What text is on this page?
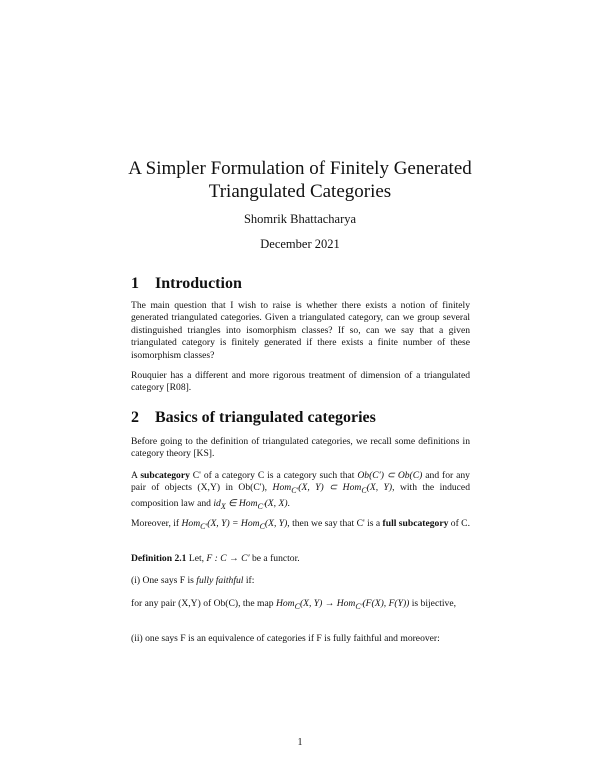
A Simpler Formulation of Finitely Generated
Triangulated Categories
Shomrik Bhattacharya
December 2021
1 Introduction
The main question that I wish to raise is whether there exists a notion of finitely generated triangulated categories. Given a triangulated category, can we group several distinguished triangles into isomorphism classes? If so, can we say that a given triangulated category is finitely generated if there exists a finite number of these isomorphism classes?
Rouquier has a different and more rigorous treatment of dimension of a triangulated category [R08].
2 Basics of triangulated categories
Before going to the definition of triangulated categories, we recall some definitions in category theory [KS].
A subcategory C' of a category C is a category such that Ob(C′) ⊂ Ob(C) and for any pair of objects (X,Y) in Ob(C'), Hom$_{C'}$(X, Y) ⊂ Hom$_C$(X, Y), with the induced composition law and $id_X$ ∈ Hom$_{C'}$(X, X).
Moreover, if Hom$_{C'}$(X, Y) = Hom$_C$(X, Y), then we say that C' is a full subcategory of C.
Definition 2.1 Let, F : C → C′ be a functor.
(i) One says F is fully faithful if:
for any pair (X,Y) of Ob(C), the map Hom$_C$(X, Y) → Hom$_{C'}$(F(X), F(Y)) is bijective,
(ii) one says F is an equivalence of categories if F is fully faithful and moreover:
1
